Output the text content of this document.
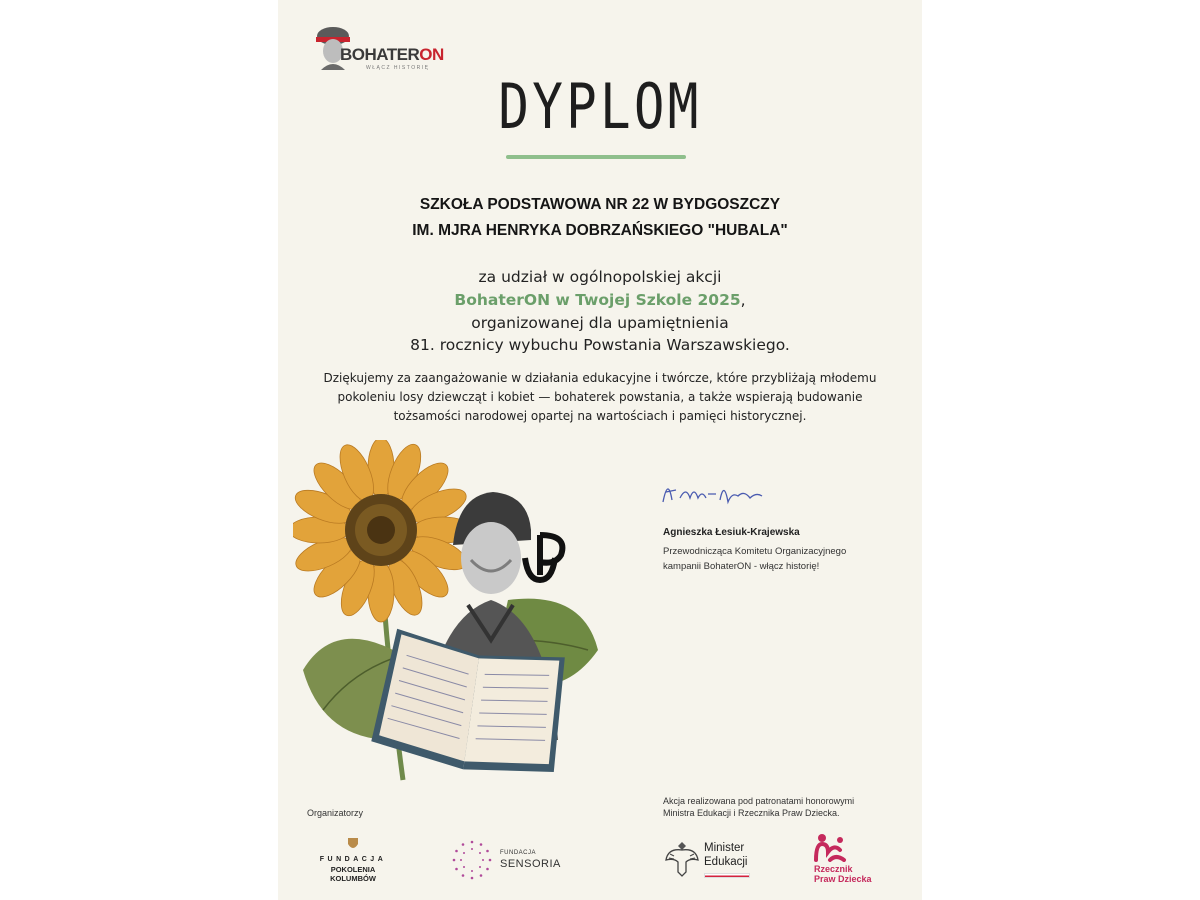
BOHATERON
WŁĄCZ HISTORIĘ
DYPLOM
SZKOŁA PODSTAWOWA NR 22 W BYDGOSZCZY
IM. MJRA HENRYKA DOBRZAŃSKIEGO "HUBALA"
za udział w ogólnopolskiej akcji
BohaterON w Twojej Szkole 2025,
organizowanej dla upamiętnienia
81. rocznicy wybuchu Powstania Warszawskiego.
Dziękujemy za zaangażowanie w działania edukacyjne i twórcze, które przybliżają młodemu
pokoleniu losy dziewcząt i kobiet — bohaterek powstania, a także wspierają budowanie
tożsamości narodowej opartej na wartościach i pamięci historycznej.
Agnieszka Łesiuk-Krajewska
Przewodnicząca Komitetu Organizacyjnego
kampanii BohaterON - włącz historię!
Organizatorzy
FUNDACJA
POKOLENIA KOLUMBÓW
FUNDACJA
SENSORIA
Akcja realizowana pod patronatami honorowymi
Ministra Edukacji i Rzecznika Praw Dziecka.
Minister
Edukacji
Rzecznik
Praw Dziecka
